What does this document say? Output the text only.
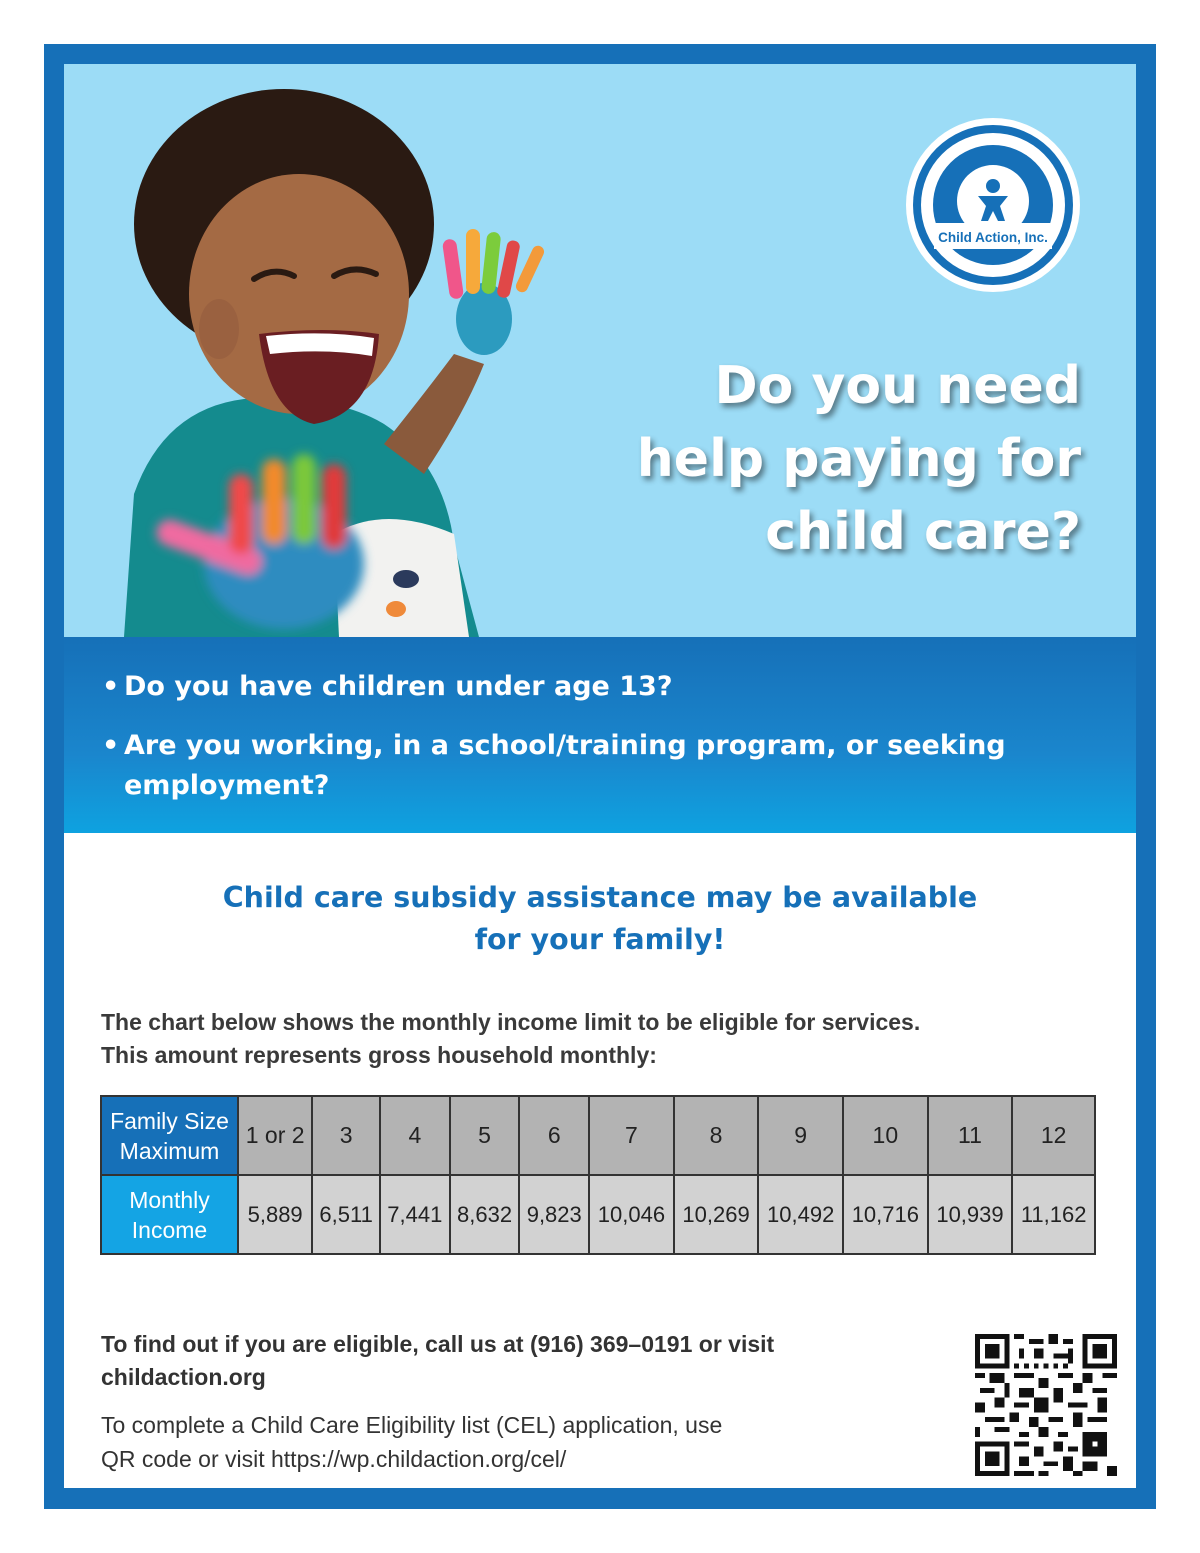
Child Action, Inc.
Do you need
help paying for
child care?
• Do you have children under age 13?
• Are you working, in a school/training program, or seeking employment?
Child care subsidy assistance may be available
for your family!
The chart below shows the monthly income limit to be eligible for services.
This amount represents gross household monthly:
Family Size
Maximum	1 or 2	3	4	5	6	7	8	9	10	11	12

Monthly
Income	5,889	6,511	7,441	8,632	9,823	10,046	10,269	10,492	10,716	10,939	11,162
To find out if you are eligible, call us at (916) 369–0191 or visit
childaction.org
To complete a Child Care Eligibility list (CEL) application, use
QR code or visit https://wp.childaction.org/cel/
